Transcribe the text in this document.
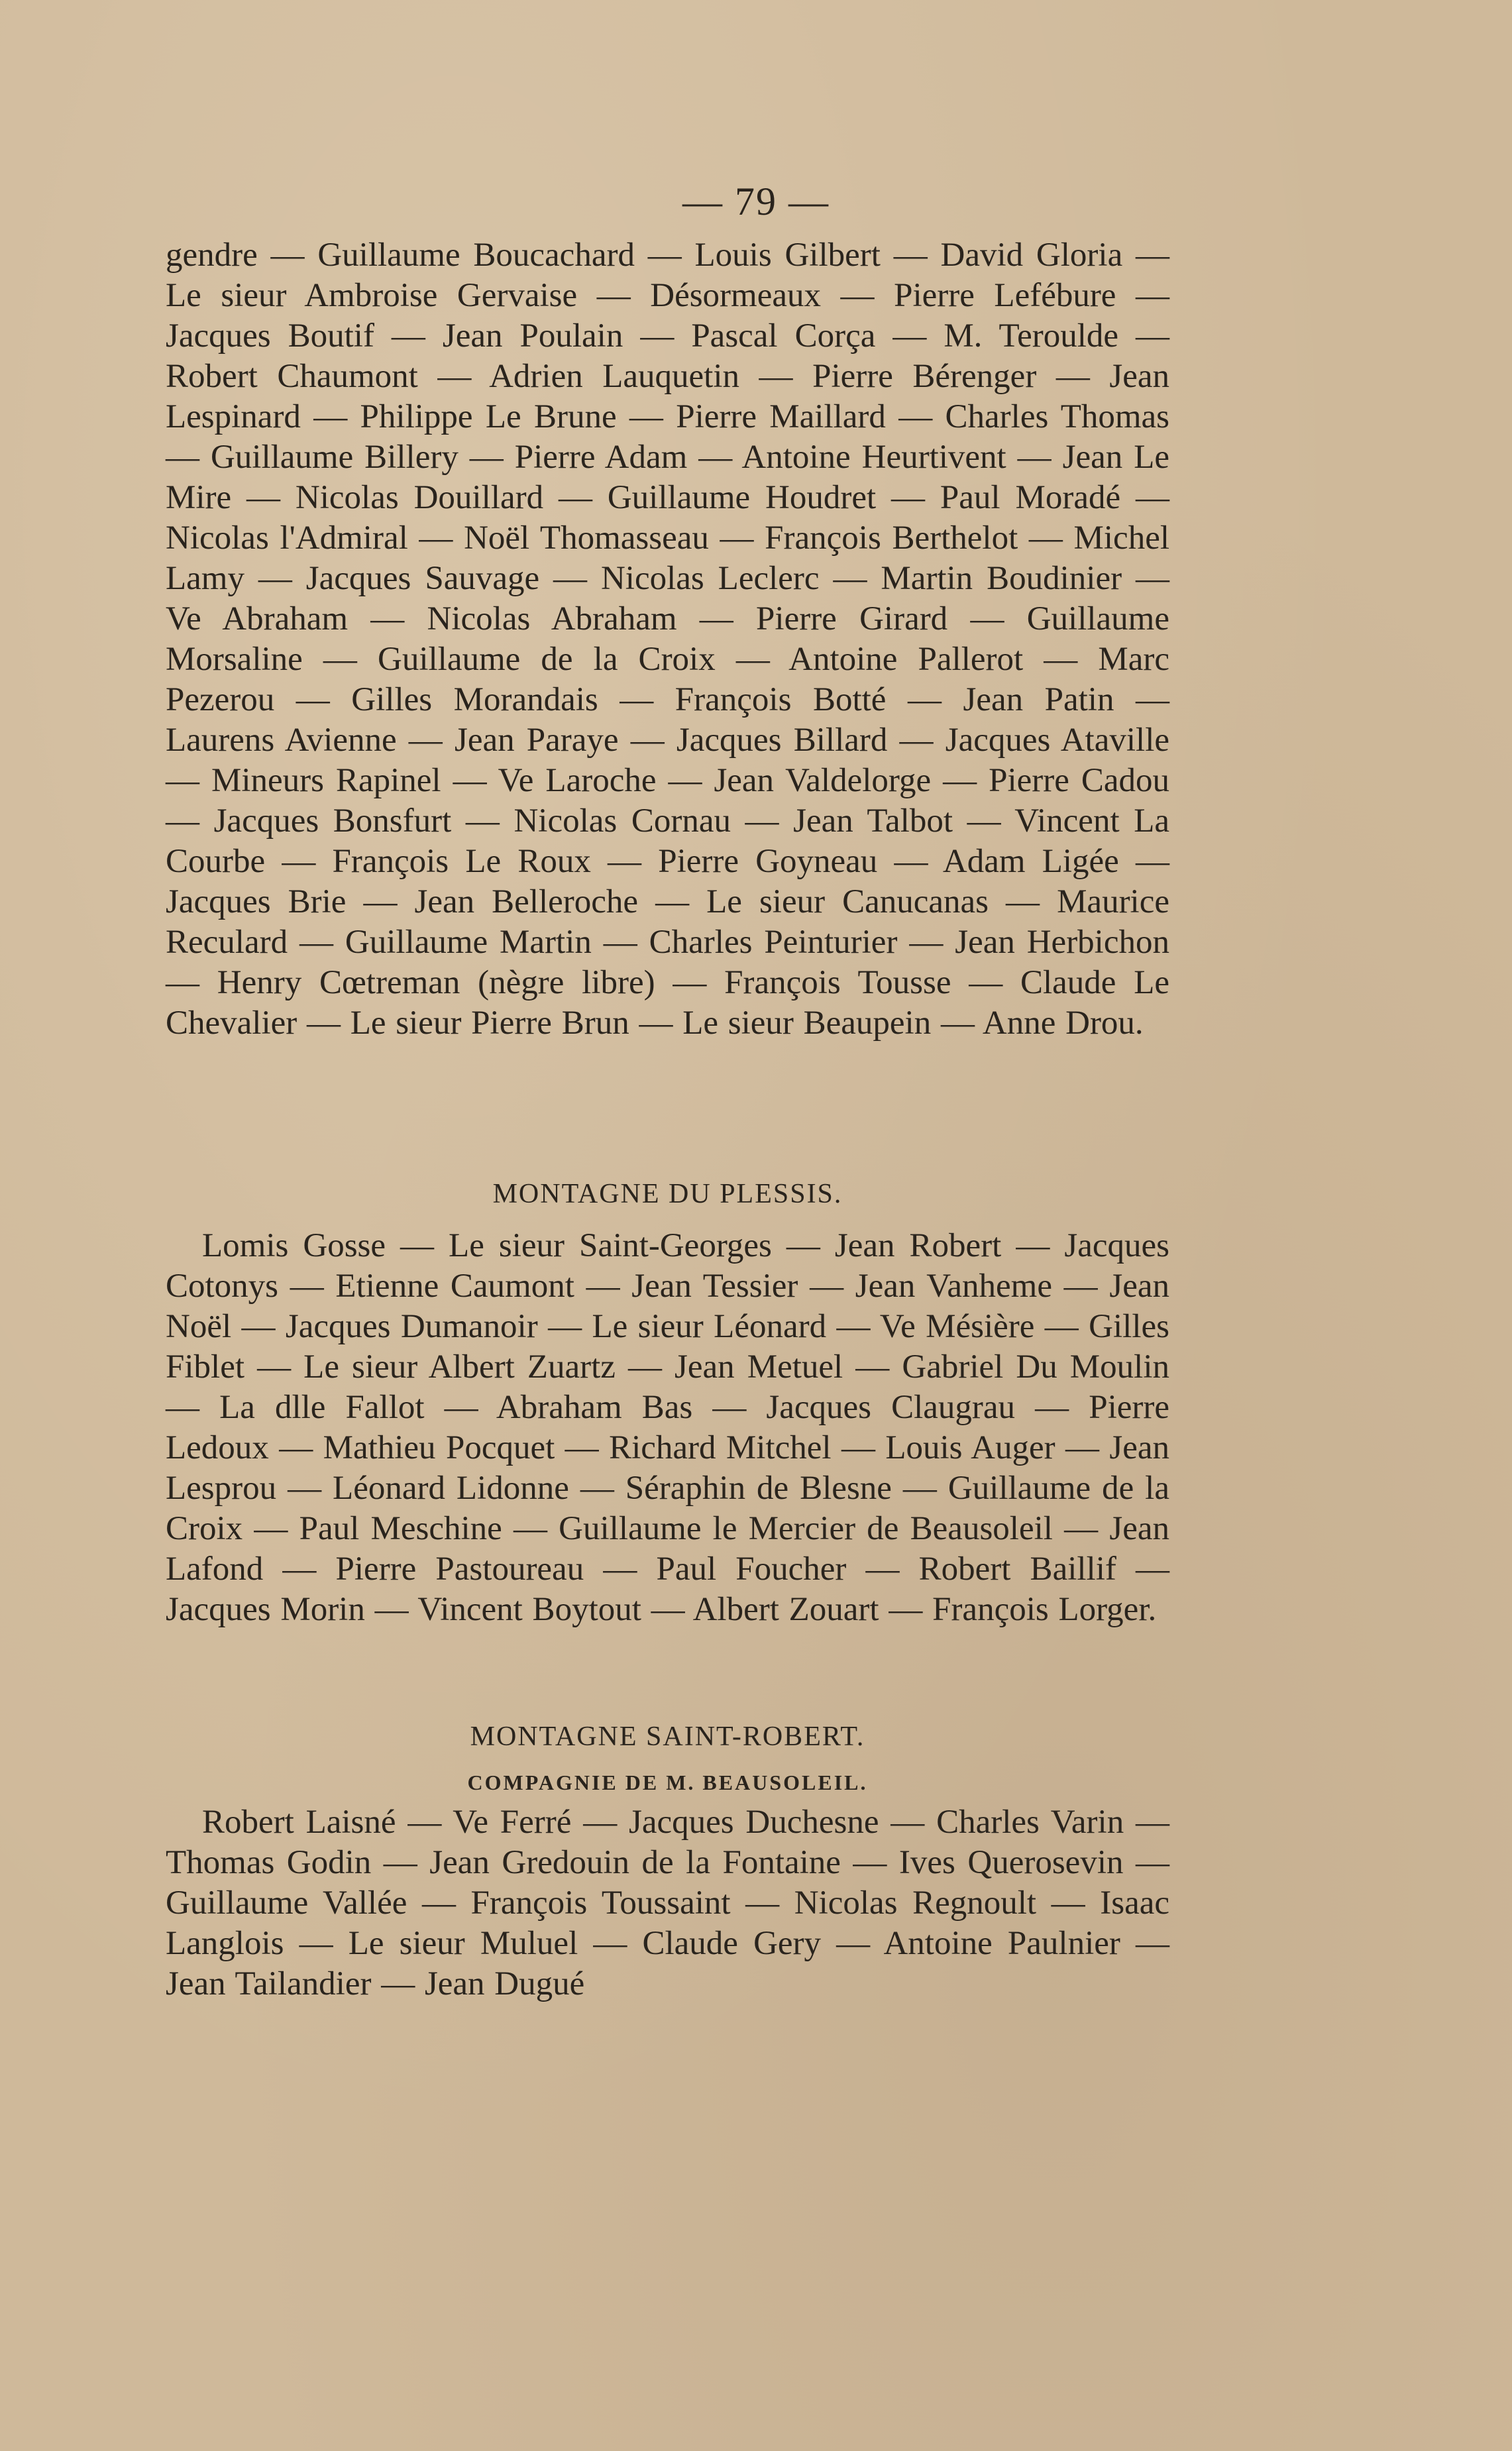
— 79 —

gendre — Guillaume Boucachard — Louis Gilbert — David Gloria — Le sieur Ambroise Gervaise — Désormeaux — Pierre Lefébure — Jacques Boutif — Jean Poulain — Pascal Corça — M. Teroulde — Robert Chaumont — Adrien Lauquetin — Pierre Bérenger — Jean Lespinard — Philippe Le Brune — Pierre Maillard — Charles Thomas — Guillaume Billery — Pierre Adam — Antoine Heurtivent — Jean Le Mire — Nicolas Douillard — Guillaume Houdret — Paul Moradé — Nicolas l'Admiral — Noël Thomasseau — François Berthelot — Michel Lamy — Jacques Sauvage — Nicolas Leclerc — Martin Boudinier — Ve Abraham — Nicolas Abraham — Pierre Girard — Guillaume Morsaline — Guillaume de la Croix — Antoine Pallerot — Marc Pezerou — Gilles Morandais — François Botté — Jean Patin — Laurens Avienne — Jean Paraye — Jacques Billard — Jacques Ataville — Mineurs Rapinel — Ve Laroche — Jean Valdelorge — Pierre Cadou — Jacques Bonsfurt — Nicolas Cornau — Jean Talbot — Vincent La Courbe — François Le Roux — Pierre Goyneau — Adam Ligée — Jacques Brie — Jean Belleroche — Le sieur Canucanas — Maurice Reculard — Guillaume Martin — Charles Peinturier — Jean Herbichon — Henry Cœtreman (nègre libre) — François Tousse — Claude Le Chevalier — Le sieur Pierre Brun — Le sieur Beaupein — Anne Drou.

MONTAGNE DU PLESSIS.

Lomis Gosse — Le sieur Saint-Georges — Jean Robert — Jacques Cotonys — Etienne Caumont — Jean Tessier — Jean Vanheme — Jean Noël — Jacques Dumanoir — Le sieur Léonard — Ve Mésière — Gilles Fiblet — Le sieur Albert Zuartz — Jean Metuel — Gabriel Du Moulin — La dlle Fallot — Abraham Bas — Jacques Claugrau — Pierre Ledoux — Mathieu Pocquet — Richard Mitchel — Louis Auger — Jean Lesprou — Léonard Lidonne — Séraphin de Blesne — Guillaume de la Croix — Paul Meschine — Guillaume le Mercier de Beausoleil — Jean Lafond — Pierre Pastoureau — Paul Foucher — Robert Baillif — Jacques Morin — Vincent Boytout — Albert Zouart — François Lorger.

MONTAGNE SAINT-ROBERT.
COMPAGNIE DE M. BEAUSOLEIL.

Robert Laisné — Ve Ferré — Jacques Duchesne — Charles Varin — Thomas Godin — Jean Gredouin de la Fontaine — Ives Querosevin — Guillaume Vallée — François Toussaint — Nicolas Regnoult — Isaac Langlois — Le sieur Muluel — Claude Gery — Antoine Paulnier — Jean Tailandier — Jean Dugué
